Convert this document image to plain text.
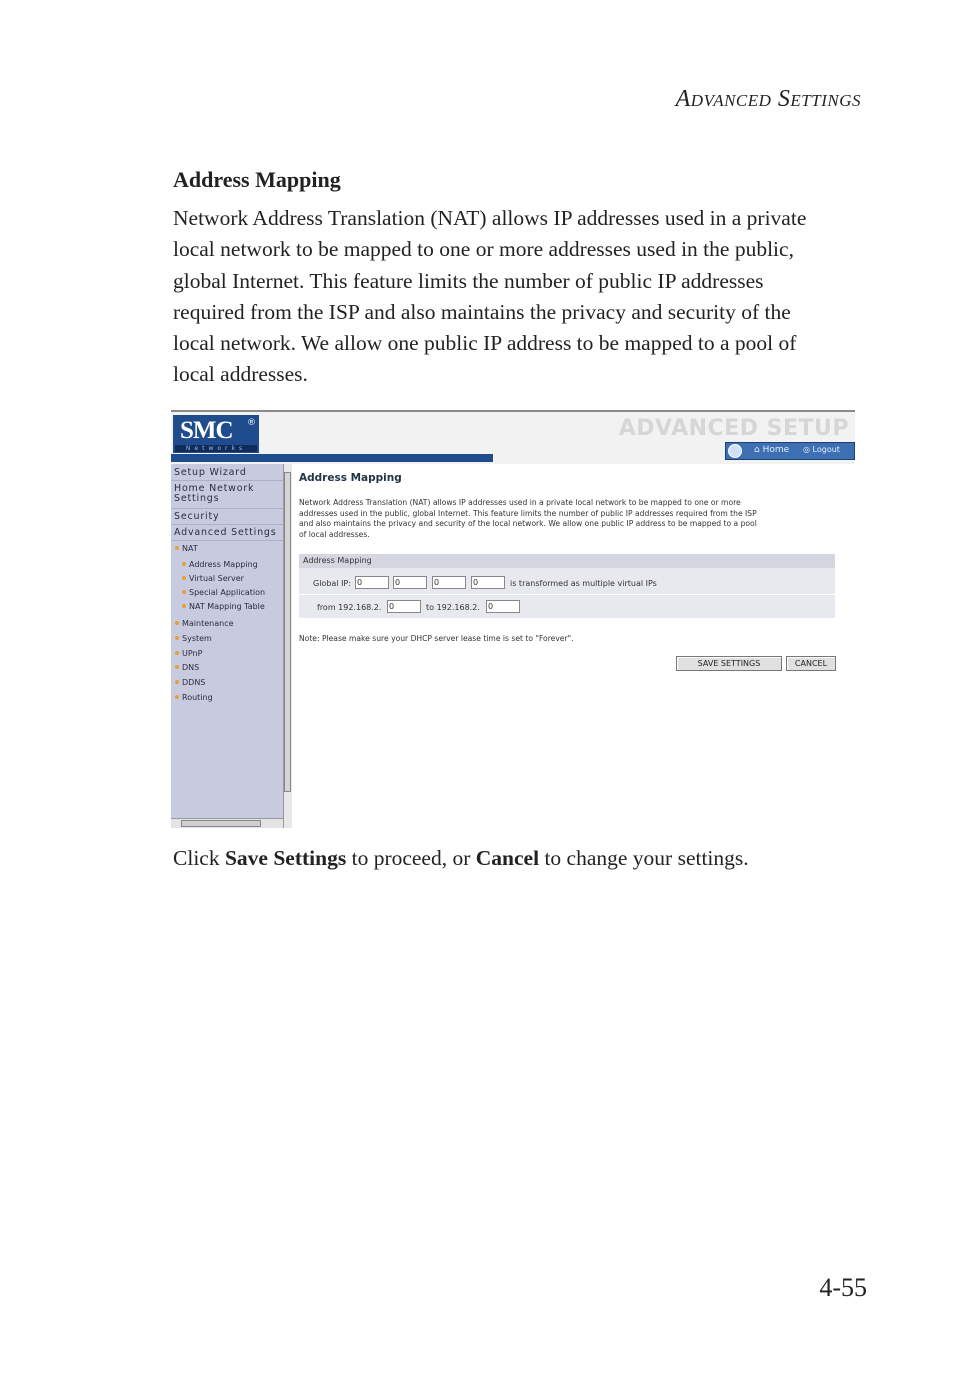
ADVANCED SETTINGS
Address Mapping
Network Address Translation (NAT) allows IP addresses used in a private
local network to be mapped to one or more addresses used in the public,
global Internet. This feature limits the number of public IP addresses
required from the ISP and also maintains the privacy and security of the
local network. We allow one public IP address to be mapped to a pool of
local addresses.
SMC ®
Networks
ADVANCED SETUP
⌂ Home ◎ Logout
Setup Wizard
Home Network
Settings
Security
Advanced Settings
NAT
Address Mapping
Virtual Server
Special Application
NAT Mapping Table
Maintenance
System
UPnP
DNS
DDNS
Routing
Address Mapping
Network Address Translation (NAT) allows IP addresses used in a private local network to be mapped to one or more
addresses used in the public, global Internet. This feature limits the number of public IP addresses required from the ISP
and also maintains the privacy and security of the local network. We allow one public IP address to be mapped to a pool
of local addresses.
Address Mapping
Global IP: 0	0	0	0	is transformed as multiple virtual IPs
from 192.168.2. 0	to 192.168.2. 0
Note: Please make sure your DHCP server lease time is set to "Forever".
SAVE SETTINGS	CANCEL
Click Save Settings to proceed, or Cancel to change your settings.
4-55
